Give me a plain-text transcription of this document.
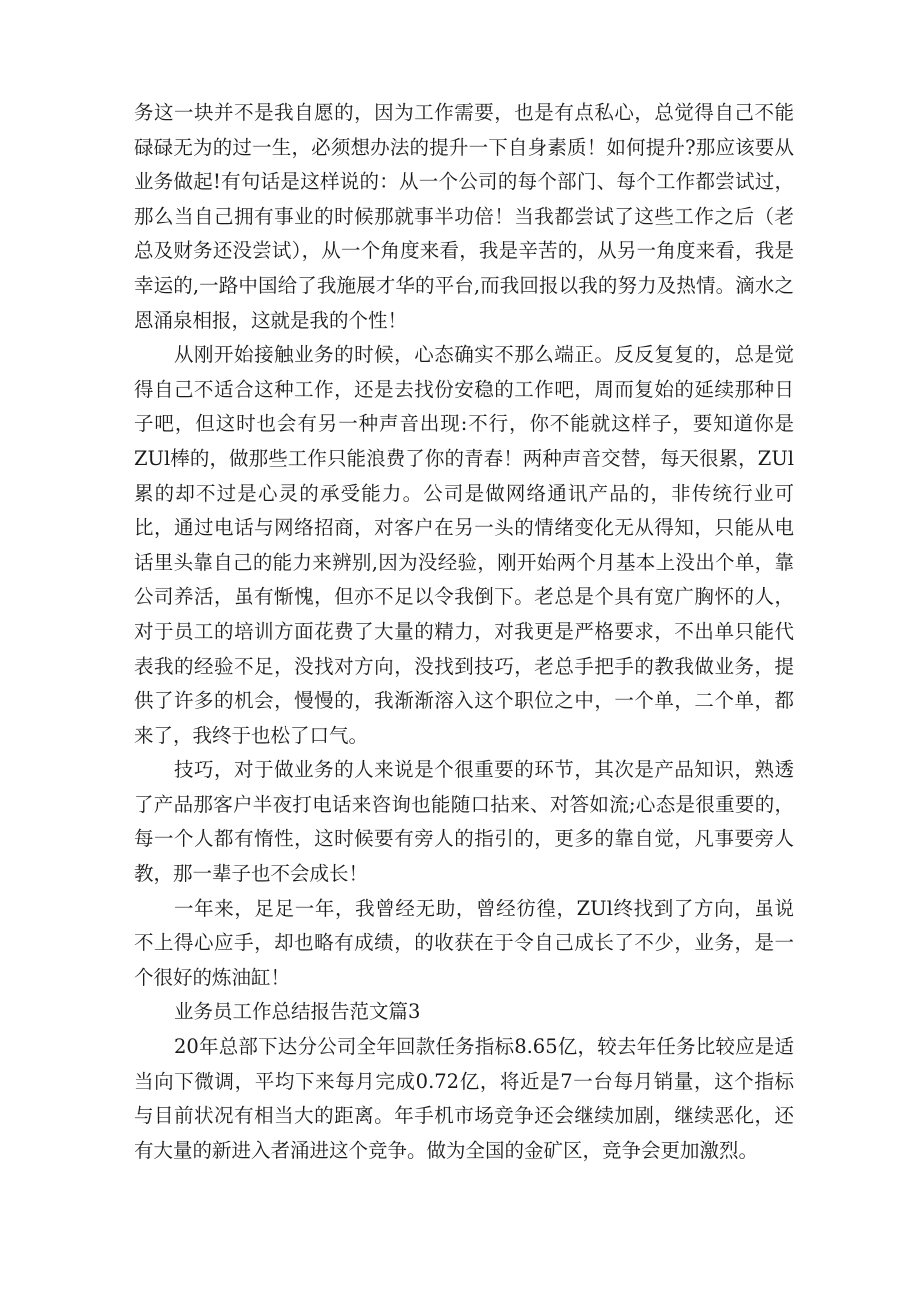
务这一块并不是我自愿的，因为工作需要，也是有点私心，总觉得自己不能碌碌无为的过一生，必须想办法的提升一下自身素质！如何提升?那应该要从业务做起!有句话是这样说的：从一个公司的每个部门、每个工作都尝试过，那么当自己拥有事业的时候那就事半功倍！当我都尝试了这些工作之后（老总及财务还没尝试），从一个角度来看，我是辛苦的，从另一角度来看，我是幸运的,一路中国给了我施展才华的平台,而我回报以我的努力及热情。滴水之恩涌泉相报，这就是我的个性！

从刚开始接触业务的时候，心态确实不那么端正。反反复复的，总是觉得自己不适合这种工作，还是去找份安稳的工作吧，周而复始的延续那种日子吧，但这时也会有另一种声音出现:不行，你不能就这样子，要知道你是ZUl棒的，做那些工作只能浪费了你的青春！两种声音交替，每天很累，ZUl累的却不过是心灵的承受能力。公司是做网络通讯产品的，非传统行业可比，通过电话与网络招商，对客户在另一头的情绪变化无从得知，只能从电话里头靠自己的能力来辨别,因为没经验，刚开始两个月基本上没出个单，靠公司养活，虽有惭愧，但亦不足以令我倒下。老总是个具有宽广胸怀的人，对于员工的培训方面花费了大量的精力，对我更是严格要求，不出单只能代表我的经验不足，没找对方向，没找到技巧，老总手把手的教我做业务，提供了许多的机会，慢慢的，我渐渐溶入这个职位之中，一个单，二个单，都来了，我终于也松了口气。

技巧，对于做业务的人来说是个很重要的环节，其次是产品知识，熟透了产品那客户半夜打电话来咨询也能随口拈来、对答如流;心态是很重要的，每一个人都有惰性，这时候要有旁人的指引的，更多的靠自觉，凡事要旁人教，那一辈子也不会成长！

一年来，足足一年，我曾经无助，曾经彷徨，ZUl终找到了方向，虽说不上得心应手，却也略有成绩，的收获在于令自己成长了不少，业务，是一个很好的炼油缸！

业务员工作总结报告范文篇3

20年总部下达分公司全年回款任务指标8.65亿，较去年任务比较应是适当向下微调，平均下来每月完成0.72亿，将近是7一台每月销量，这个指标与目前状况有相当大的距离。年手机市场竞争还会继续加剧，继续恶化，还有大量的新进入者涌进这个竞争。做为全国的金矿区，竞争会更加激烈。
